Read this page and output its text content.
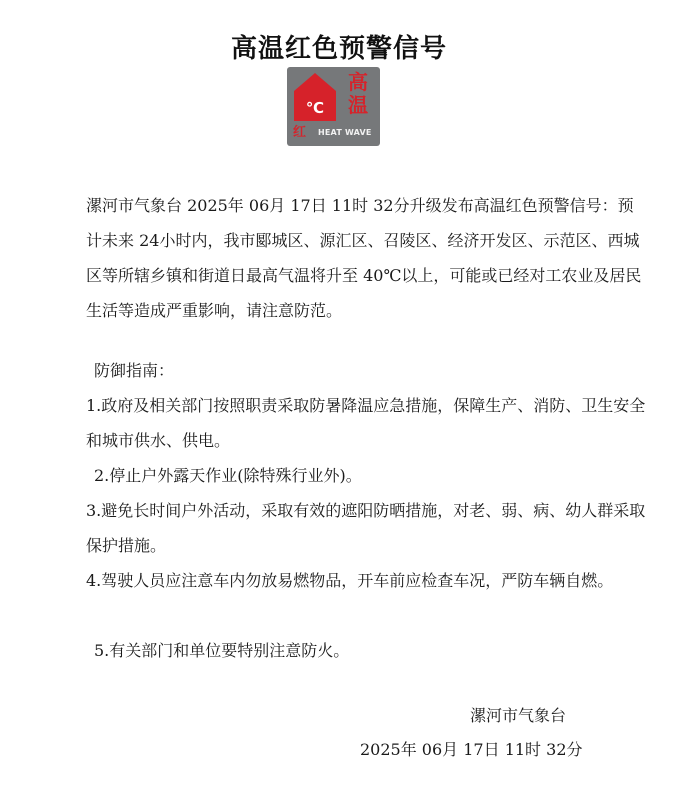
高温红色预警信号
℃
高
温
红 HEAT WAVE

漯河市气象台 2025年 06月 17日 11时 32分升级发布高温红色预警信号：预计未来 24小时内，我市郾城区、源汇区、召陵区、经济开发区、示范区、西城区等所辖乡镇和街道日最高气温将升至 40℃以上，可能或已经对工农业及居民生活等造成严重影响，请注意防范。

防御指南：

1.政府及相关部门按照职责采取防暑降温应急措施，保障生产、消防、卫生安全和城市供水、供电。

2.停止户外露天作业(除特殊行业外)。

3.避免长时间户外活动，采取有效的遮阳防晒措施，对老、弱、病、幼人群采取保护措施。

4.驾驶人员应注意车内勿放易燃物品，开车前应检查车况，严防车辆自燃。

5.有关部门和单位要特别注意防火。

漯河市气象台
2025年 06月 17日 11时 32分
